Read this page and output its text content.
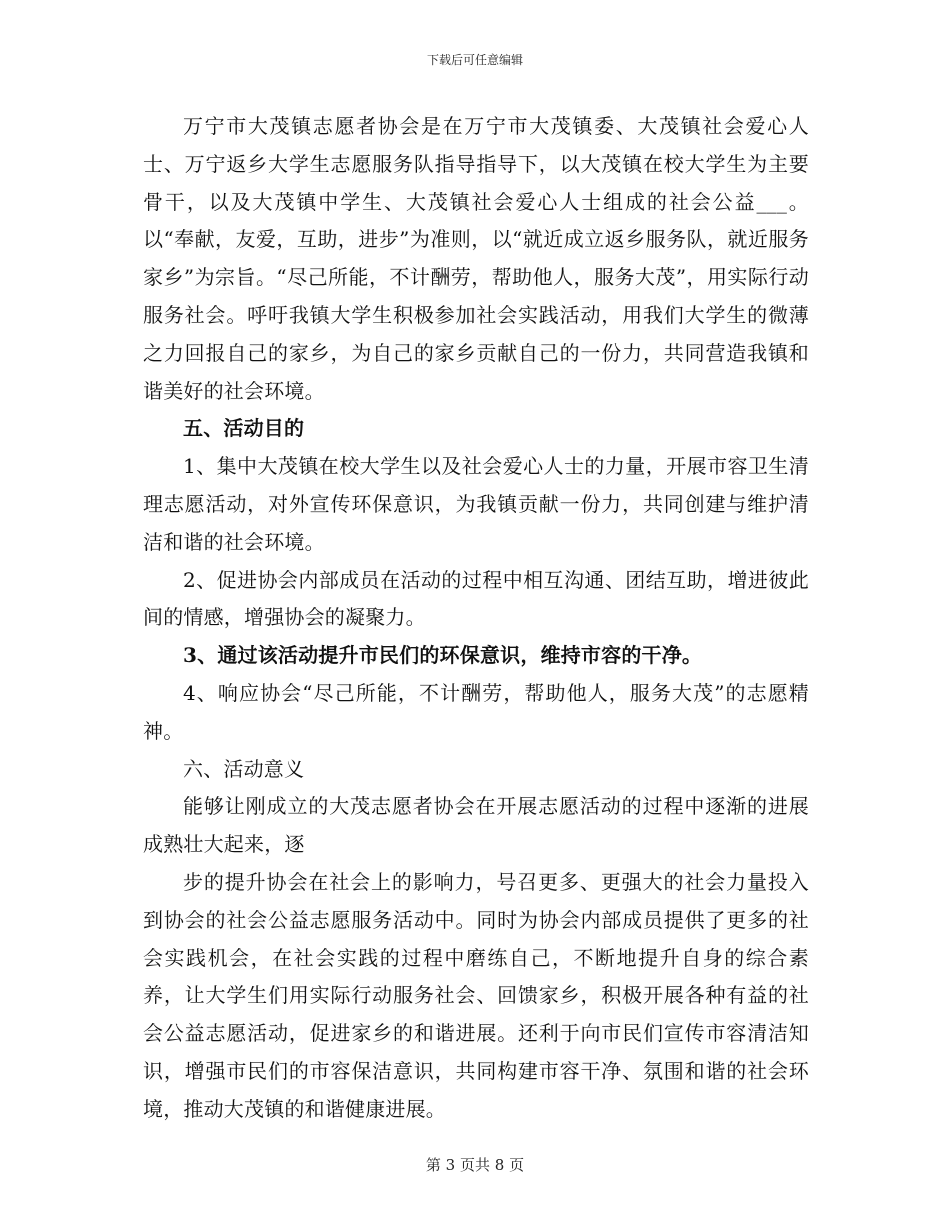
下载后可任意编辑

万宁市大茂镇志愿者协会是在万宁市大茂镇委、大茂镇社会爱心人士、万宁返乡大学生志愿服务队指导指导下，以大茂镇在校大学生为主要骨干，以及大茂镇中学生、大茂镇社会爱心人士组成的社会公益___。以“奉献，友爱，互助，进步”为准则，以“就近成立返乡服务队，就近服务家乡”为宗旨。“尽己所能，不计酬劳，帮助他人，服务大茂”，用实际行动服务社会。呼吁我镇大学生积极参加社会实践活动，用我们大学生的微薄之力回报自己的家乡，为自己的家乡贡献自己的一份力，共同营造我镇和谐美好的社会环境。

五、活动目的

1、集中大茂镇在校大学生以及社会爱心人士的力量，开展市容卫生清理志愿活动，对外宣传环保意识，为我镇贡献一份力，共同创建与维护清洁和谐的社会环境。

2、促进协会内部成员在活动的过程中相互沟通、团结互助，增进彼此间的情感，增强协会的凝聚力。

3、通过该活动提升市民们的环保意识，维持市容的干净。

4、响应协会“尽己所能，不计酬劳，帮助他人，服务大茂”的志愿精神。

六、活动意义

能够让刚成立的大茂志愿者协会在开展志愿活动的过程中逐渐的进展成熟壮大起来，逐

步的提升协会在社会上的影响力，号召更多、更强大的社会力量投入到协会的社会公益志愿服务活动中。同时为协会内部成员提供了更多的社会实践机会，在社会实践的过程中磨练自己，不断地提升自身的综合素养，让大学生们用实际行动服务社会、回馈家乡，积极开展各种有益的社会公益志愿活动，促进家乡的和谐进展。还利于向市民们宣传市容清洁知识，增强市民们的市容保洁意识，共同构建市容干净、氛围和谐的社会环境，推动大茂镇的和谐健康进展。

第 3 页共 8 页
